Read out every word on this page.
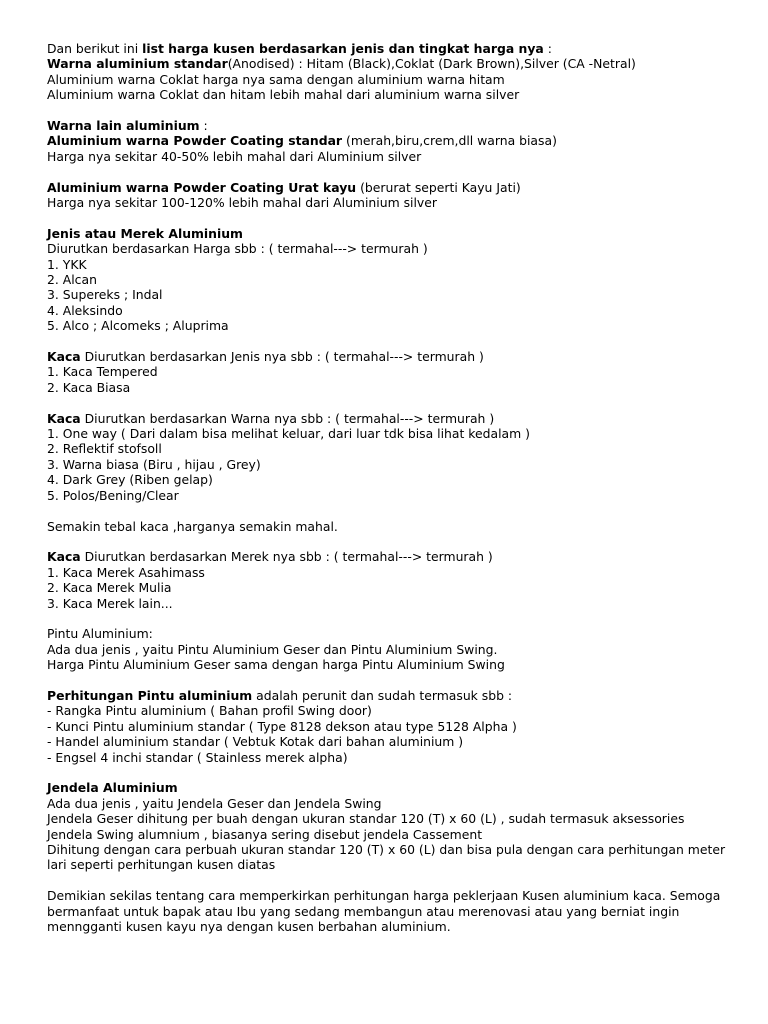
Dan berikut ini list harga kusen berdasarkan jenis dan tingkat harga nya :

Warna aluminium standar(Anodised) : Hitam (Black),Coklat (Dark Brown),Silver (CA -Netral)

Aluminium warna Coklat harga nya sama dengan aluminium warna hitam

Aluminium warna Coklat dan hitam lebih mahal dari aluminium warna silver

Warna lain aluminium :

Aluminium warna Powder Coating standar (merah,biru,crem,dll warna biasa)

Harga nya sekitar 40-50% lebih mahal dari Aluminium silver

Aluminium warna Powder Coating Urat kayu (berurat seperti Kayu Jati)

Harga nya sekitar 100-120% lebih mahal dari Aluminium silver

Jenis atau Merek Aluminium

Diurutkan berdasarkan Harga sbb : ( termahal---> termurah )

1. YKK

2. Alcan

3. Supereks ; Indal

4. Aleksindo

5. Alco ; Alcomeks ; Aluprima

Kaca Diurutkan berdasarkan Jenis nya sbb : ( termahal---> termurah )

1. Kaca Tempered

2. Kaca Biasa

Kaca Diurutkan berdasarkan Warna nya sbb : ( termahal---> termurah )

1. One way ( Dari dalam bisa melihat keluar, dari luar tdk bisa lihat kedalam )

2. Reflektif stofsoll

3. Warna biasa (Biru , hijau , Grey)

4. Dark Grey (Riben gelap)

5. Polos/Bening/Clear

Semakin tebal kaca ,harganya semakin mahal.

Kaca Diurutkan berdasarkan Merek nya sbb : ( termahal---> termurah )

1. Kaca Merek Asahimass

2. Kaca Merek Mulia

3. Kaca Merek lain...

Pintu Aluminium:

Ada dua jenis , yaitu Pintu Aluminium Geser dan Pintu Aluminium Swing.

Harga Pintu Aluminium Geser sama dengan harga Pintu Aluminium Swing

Perhitungan Pintu aluminium adalah perunit dan sudah termasuk sbb :

- Rangka Pintu aluminium ( Bahan profil Swing door)

- Kunci Pintu aluminium standar ( Type 8128 dekson atau type 5128 Alpha )

- Handel aluminium standar ( Vebtuk Kotak dari bahan aluminium )

- Engsel 4 inchi standar ( Stainless merek alpha)

Jendela Aluminium

Ada dua jenis , yaitu Jendela Geser dan Jendela Swing

Jendela Geser dihitung per buah dengan ukuran standar 120 (T) x 60 (L) , sudah termasuk aksessories

Jendela Swing alumnium , biasanya sering disebut jendela Cassement

Dihitung dengan cara perbuah ukuran standar 120 (T) x 60 (L) dan bisa pula dengan cara perhitungan meter lari seperti perhitungan kusen diatas

Demikian sekilas tentang cara memperkirkan perhitungan harga peklerjaan Kusen aluminium kaca. Semoga bermanfaat untuk bapak atau Ibu yang sedang membangun atau merenovasi atau yang berniat ingin menngganti kusen kayu nya dengan kusen berbahan aluminium.
